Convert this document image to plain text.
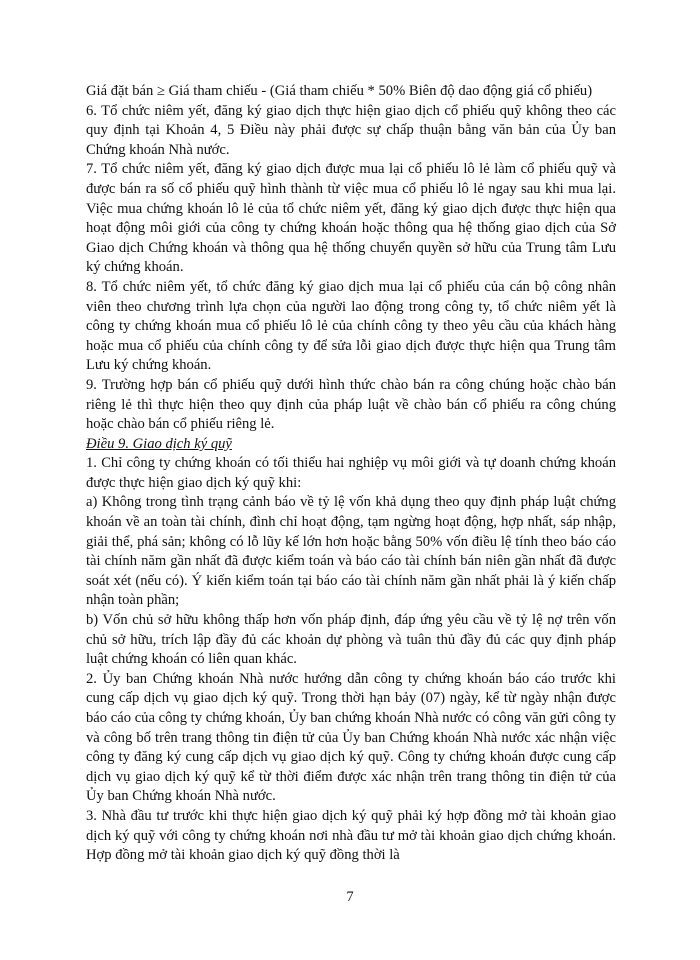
Giá đặt bán ≥ Giá tham chiếu - (Giá tham chiếu * 50% Biên độ dao động giá cổ phiếu)

6. Tổ chức niêm yết, đăng ký giao dịch thực hiện giao dịch cổ phiếu quỹ không theo các quy định tại Khoản 4, 5 Điều này phải được sự chấp thuận bằng văn bản của Ủy ban Chứng khoán Nhà nước.

7. Tổ chức niêm yết, đăng ký giao dịch được mua lại cổ phiếu lô lẻ làm cổ phiếu quỹ và được bán ra số cổ phiếu quỹ hình thành từ việc mua cổ phiếu lô lẻ ngay sau khi mua lại. Việc mua chứng khoán lô lẻ của tổ chức niêm yết, đăng ký giao dịch được thực hiện qua hoạt động môi giới của công ty chứng khoán hoặc thông qua hệ thống giao dịch của Sở Giao dịch Chứng khoán và thông qua hệ thống chuyển quyền sở hữu của Trung tâm Lưu ký chứng khoán.

8. Tổ chức niêm yết, tổ chức đăng ký giao dịch mua lại cổ phiếu của cán bộ công nhân viên theo chương trình lựa chọn của người lao động trong công ty, tổ chức niêm yết là công ty chứng khoán mua cổ phiếu lô lẻ của chính công ty theo yêu cầu của khách hàng hoặc mua cổ phiếu của chính công ty để sửa lỗi giao dịch được thực hiện qua Trung tâm Lưu ký chứng khoán.

9. Trường hợp bán cổ phiếu quỹ dưới hình thức chào bán ra công chúng hoặc chào bán riêng lẻ thì thực hiện theo quy định của pháp luật về chào bán cổ phiếu ra công chúng hoặc chào bán cổ phiếu riêng lẻ.

Điều 9. Giao dịch ký quỹ

1. Chỉ công ty chứng khoán có tối thiểu hai nghiệp vụ môi giới và tự doanh chứng khoán được thực hiện giao dịch ký quỹ khi:

a) Không trong tình trạng cảnh báo về tỷ lệ vốn khả dụng theo quy định pháp luật chứng khoán về an toàn tài chính, đình chỉ hoạt động, tạm ngừng hoạt động, hợp nhất, sáp nhập, giải thể, phá sản; không có lỗ lũy kế lớn hơn hoặc bằng 50% vốn điều lệ tính theo báo cáo tài chính năm gần nhất đã được kiểm toán và báo cáo tài chính bán niên gần nhất đã được soát xét (nếu có). Ý kiến kiểm toán tại báo cáo tài chính năm gần nhất phải là ý kiến chấp nhận toàn phần;

b) Vốn chủ sở hữu không thấp hơn vốn pháp định, đáp ứng yêu cầu về tỷ lệ nợ trên vốn chủ sở hữu, trích lập đầy đủ các khoản dự phòng và tuân thủ đầy đủ các quy định pháp luật chứng khoán có liên quan khác.

2. Ủy ban Chứng khoán Nhà nước hướng dẫn công ty chứng khoán báo cáo trước khi cung cấp dịch vụ giao dịch ký quỹ. Trong thời hạn bảy (07) ngày, kể từ ngày nhận được báo cáo của công ty chứng khoán, Ủy ban chứng khoán Nhà nước có công văn gửi công ty và công bố trên trang thông tin điện tử của Ủy ban Chứng khoán Nhà nước xác nhận việc công ty đăng ký cung cấp dịch vụ giao dịch ký quỹ. Công ty chứng khoán được cung cấp dịch vụ giao dịch ký quỹ kể từ thời điểm được xác nhận trên trang thông tin điện tử của Ủy ban Chứng khoán Nhà nước.

3. Nhà đầu tư trước khi thực hiện giao dịch ký quỹ phải ký hợp đồng mở tài khoản giao dịch ký quỹ với công ty chứng khoán nơi nhà đầu tư mở tài khoản giao dịch chứng khoán. Hợp đồng mở tài khoản giao dịch ký quỹ đồng thời là

7
